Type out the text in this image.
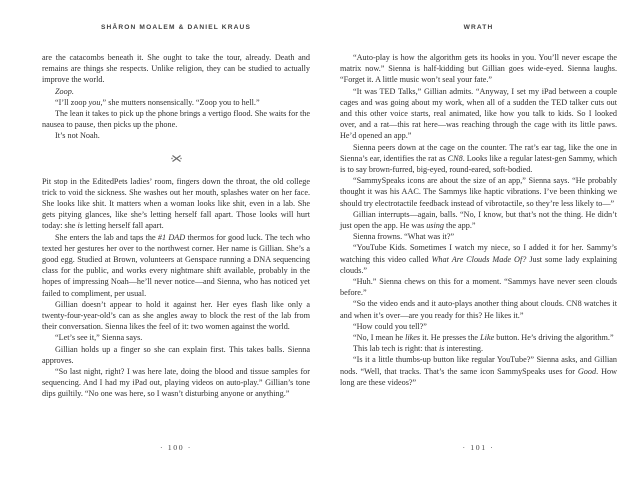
SHĀRON MOALEM & DANIEL KRAUS

are the catacombs beneath it. She ought to take the tour, already. Death and remains are things she respects. Unlike religion, they can be studied to actually improve the world.

Zoop.

“I’ll zoop you,” she mutters nonsensically. “Zoop you to hell.”

The lean it takes to pick up the phone brings a vertigo flood. She waits for the nausea to pause, then picks up the phone.

It’s not Noah.

Pit stop in the EditedPets ladies’ room, fingers down the throat, the old college trick to void the sickness. She washes out her mouth, splashes water on her face. She looks like shit. It matters when a woman looks like shit, even in a lab. She gets pitying glances, like she’s letting herself fall apart. Those looks will hurt today: she is letting herself fall apart.

She enters the lab and taps the #1 DAD thermos for good luck. The tech who texted her gestures her over to the northwest corner. Her name is Gillian. She’s a good egg. Studied at Brown, volunteers at Genspace running a DNA sequencing class for the public, and works every nightmare shift available, probably in the hopes of impressing Noah—he’ll never notice—and Sienna, who has noticed yet failed to compliment, per usual.

Gillian doesn’t appear to hold it against her. Her eyes flash like only a twenty-four-year-old’s can as she angles away to block the rest of the lab from their conversation. Sienna likes the feel of it: two women against the world.

“Let’s see it,” Sienna says.

Gillian holds up a finger so she can explain first. This takes balls. Sienna approves.

“So last night, right? I was here late, doing the blood and tissue samples for sequencing. And I had my iPad out, playing videos on auto-play.” Gillian’s tone dips guiltily. “No one was here, so I wasn’t disturbing anyone or anything.”

· 100 ·
WRATH

“Auto-play is how the algorithm gets its hooks in you. You’ll never escape the matrix now.” Sienna is half-kidding but Gillian goes wide-eyed. Sienna laughs. “Forget it. A little music won’t seal your fate.”

“It was TED Talks,” Gillian admits. “Anyway, I set my iPad between a couple cages and was going about my work, when all of a sudden the TED talker cuts out and this other voice starts, real animated, like how you talk to kids. So I looked over, and a rat—this rat here—was reaching through the cage with its little paws. He’d opened an app.”

Sienna peers down at the cage on the counter. The rat’s ear tag, like the one in Sienna’s ear, identifies the rat as CN8. Looks like a regular latest-gen Sammy, which is to say brown-furred, big-eyed, round-eared, soft-bodied.

“SammySpeaks icons are about the size of an app,” Sienna says. “He probably thought it was his AAC. The Sammys like haptic vibrations. I’ve been thinking we should try electrotactile feedback instead of vibrotactile, so they’re less likely to—”

Gillian interrupts—again, balls. “No, I know, but that’s not the thing. He didn’t just open the app. He was using the app.”

Sienna frowns. “What was it?”

“YouTube Kids. Sometimes I watch my niece, so I added it for her. Sammy’s watching this video called What Are Clouds Made Of? Just some lady explaining clouds.”

“Huh.” Sienna chews on this for a moment. “Sammys have never seen clouds before.”

“So the video ends and it auto-plays another thing about clouds. CN8 watches it and when it’s over—are you ready for this? He likes it.”

“How could you tell?”

“No, I mean he likes it. He presses the Like button. He’s driving the algorithm.”

This lab tech is right: that is interesting.

“Is it a little thumbs-up button like regular YouTube?” Sienna asks, and Gillian nods. “Well, that tracks. That’s the same icon SammySpeaks uses for Good. How long are these videos?”

· 101 ·
